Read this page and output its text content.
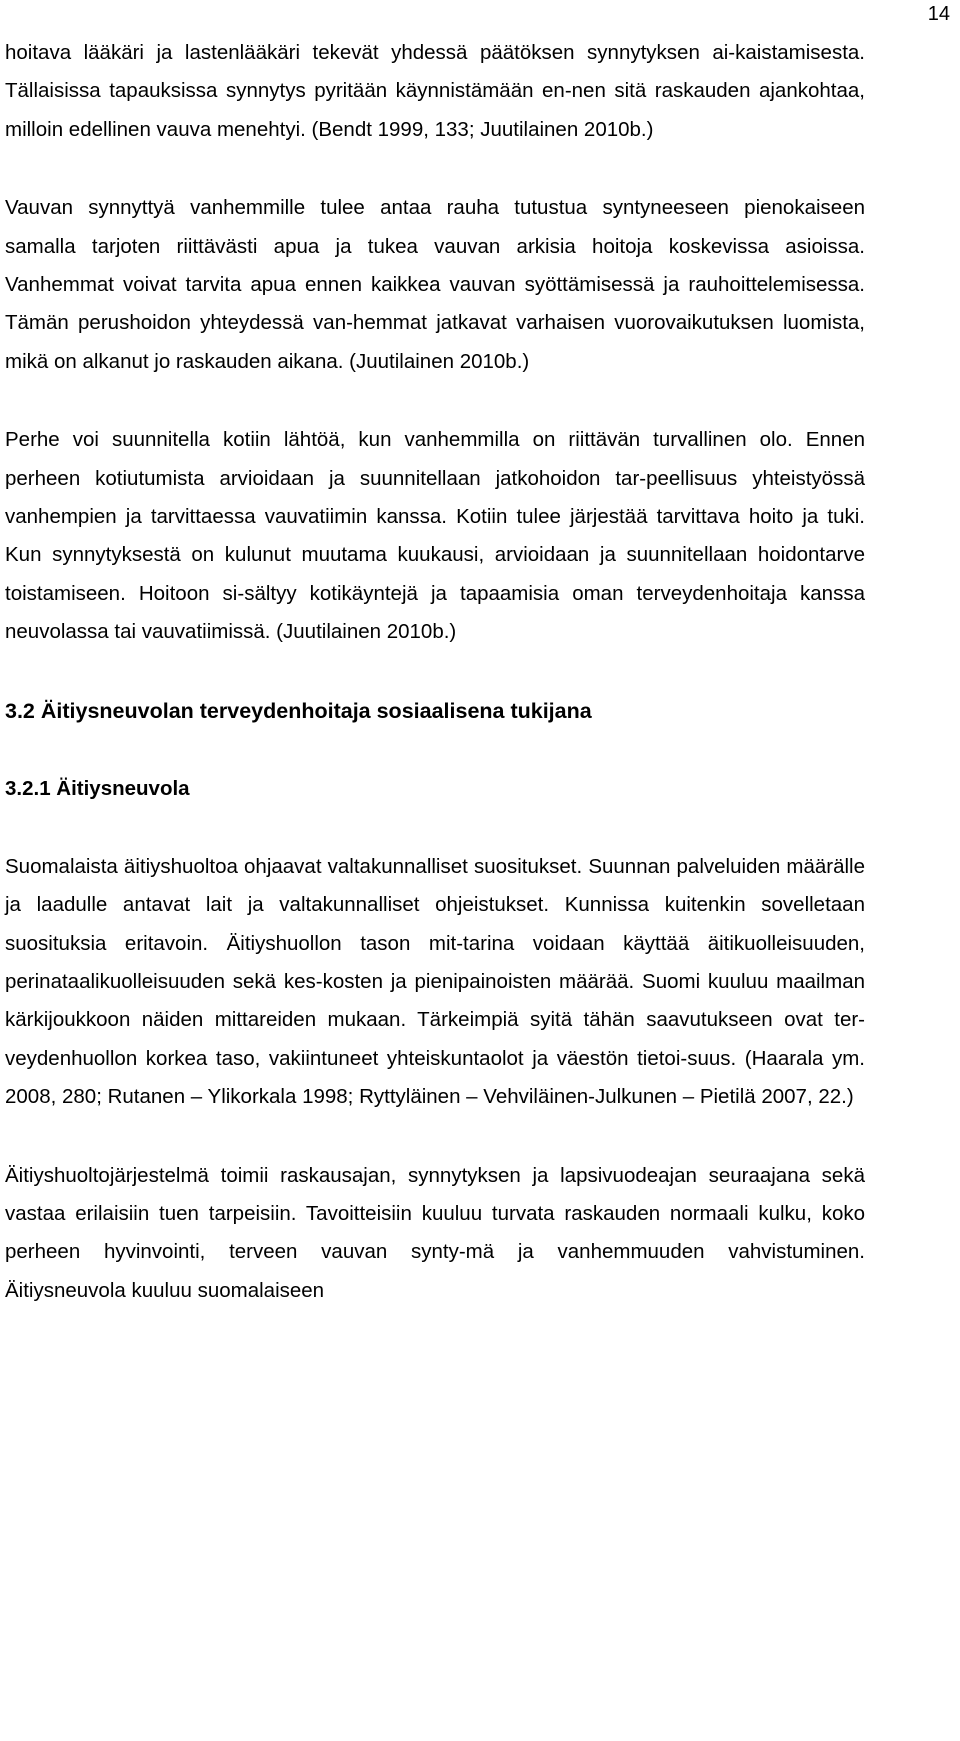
14

hoitava lääkäri ja lastenlääkäri tekevät yhdessä päätöksen synnytyksen ai-kaistamisesta. Tällaisissa tapauksissa synnytys pyritään käynnistämään en-nen sitä raskauden ajankohtaa, milloin edellinen vauva menehtyi. (Bendt 1999, 133; Juutilainen 2010b.)

Vauvan synnyttyä vanhemmille tulee antaa rauha tutustua syntyneeseen pienokaiseen samalla tarjoten riittävästi apua ja tukea vauvan arkisia hoitoja koskevissa asioissa. Vanhemmat voivat tarvita apua ennen kaikkea vauvan syöttämisessä ja rauhoittelemisessa. Tämän perushoidon yhteydessä van-hemmat jatkavat varhaisen vuorovaikutuksen luomista, mikä on alkanut jo raskauden aikana. (Juutilainen 2010b.)

Perhe voi suunnitella kotiin lähtöä, kun vanhemmilla on riittävän turvallinen olo. Ennen perheen kotiutumista arvioidaan ja suunnitellaan jatkohoidon tar-peellisuus yhteistyössä vanhempien ja tarvittaessa vauvatiimin kanssa. Kotiin tulee järjestää tarvittava hoito ja tuki. Kun synnytyksestä on kulunut muutama kuukausi, arvioidaan ja suunnitellaan hoidontarve toistamiseen. Hoitoon si-sältyy kotikäyntejä ja tapaamisia oman terveydenhoitaja kanssa neuvolassa tai vauvatiimissä. (Juutilainen 2010b.)

3.2 Äitiysneuvolan terveydenhoitaja sosiaalisena tukijana
3.2.1 Äitiysneuvola

Suomalaista äitiyshuoltoa ohjaavat valtakunnalliset suositukset. Suunnan palveluiden määrälle ja laadulle antavat lait ja valtakunnalliset ohjeistukset. Kunnissa kuitenkin sovelletaan suosituksia eritavoin. Äitiyshuollon tason mit-tarina voidaan käyttää äitikuolleisuuden, perinataalikuolleisuuden sekä kes-kosten ja pienipainoisten määrää. Suomi kuuluu maailman kärkijoukkoon näiden mittareiden mukaan. Tärkeimpiä syitä tähän saavutukseen ovat ter-veydenhuollon korkea taso, vakiintuneet yhteiskuntaolot ja väestön tietoi-suus. (Haarala ym. 2008, 280; Rutanen – Ylikorkala 1998; Ryttyläinen – Vehviläinen-Julkunen – Pietilä 2007, 22.)

Äitiyshuoltojärjestelmä toimii raskausajan, synnytyksen ja lapsivuodeajan seuraajana sekä vastaa erilaisiin tuen tarpeisiin. Tavoitteisiin kuuluu turvata raskauden normaali kulku, koko perheen hyvinvointi, terveen vauvan synty-mä ja vanhemmuuden vahvistuminen. Äitiysneuvola kuuluu suomalaiseen
